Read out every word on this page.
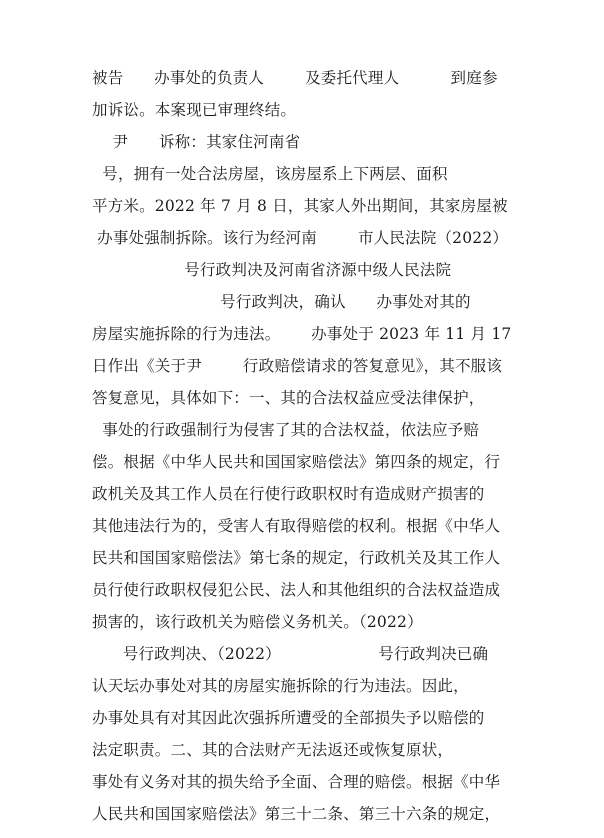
被告      办事处的负责人        及委托代理人          到庭参
加诉讼。本案现已审理终结。
尹      诉称：其家住河南省
号，拥有一处合法房屋，该房屋系上下两层、面积
平方米。2022 年 7 月 8 日，其家人外出期间，其家房屋被
办事处强制拆除。该行为经河南        市人民法院（2022）
号行政判决及河南省济源中级人民法院
号行政判决，确认      办事处对其的
房屋实施拆除的行为违法。      办事处于 2023 年 11 月 17
日作出《关于尹        行政赔偿请求的答复意见》，其不服该
答复意见，具体如下：一、其的合法权益应受法律保护，
事处的行政强制行为侵害了其的合法权益，依法应予赔
偿。根据《中华人民共和国国家赔偿法》第四条的规定，行
政机关及其工作人员在行使行政职权时有造成财产损害的
其他违法行为的，受害人有取得赔偿的权利。根据《中华人
民共和国国家赔偿法》第七条的规定，行政机关及其工作人
员行使行政职权侵犯公民、法人和其他组织的合法权益造成
损害的，该行政机关为赔偿义务机关。（2022）
号行政判决、（2022）                   号行政判决已确
认天坛办事处对其的房屋实施拆除的行为违法。因此，
办事处具有对其因此次强拆所遭受的全部损失予以赔偿的
法定职责。二、其的合法财产无法返还或恢复原状，
事处有义务对其的损失给予全面、合理的赔偿。根据《中华
人民共和国国家赔偿法》第三十二条、第三十六条的规定，
